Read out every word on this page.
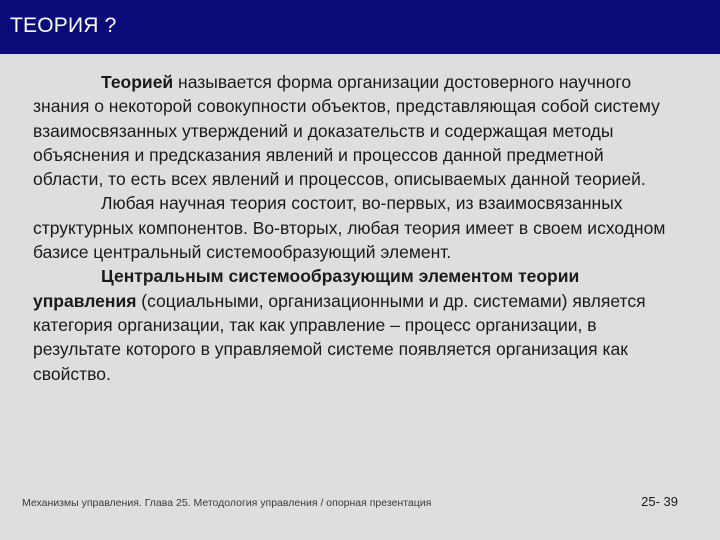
ТЕОРИЯ ?

Теорией называется форма организации достоверного научного знания о некоторой совокупности объектов, представляющая собой систему взаимосвязанных утверждений и доказательств и содержащая методы объяснения и предсказания явлений и процессов данной предметной области, то есть всех явлений и процессов, описываемых данной теорией.

Любая научная теория состоит, во-первых, из взаимосвязанных структурных компонентов. Во-вторых, любая теория имеет в своем исходном базисе центральный системообразующий элемент.

Центральным системообразующим элементом теории управления (социальными, организационными и др. системами) является категория организации, так как управление – процесс организации, в результате которого в управляемой системе появляется организация как свойство.

Механизмы управления. Глава 25. Методология управления / опорная презентация	25- 39
